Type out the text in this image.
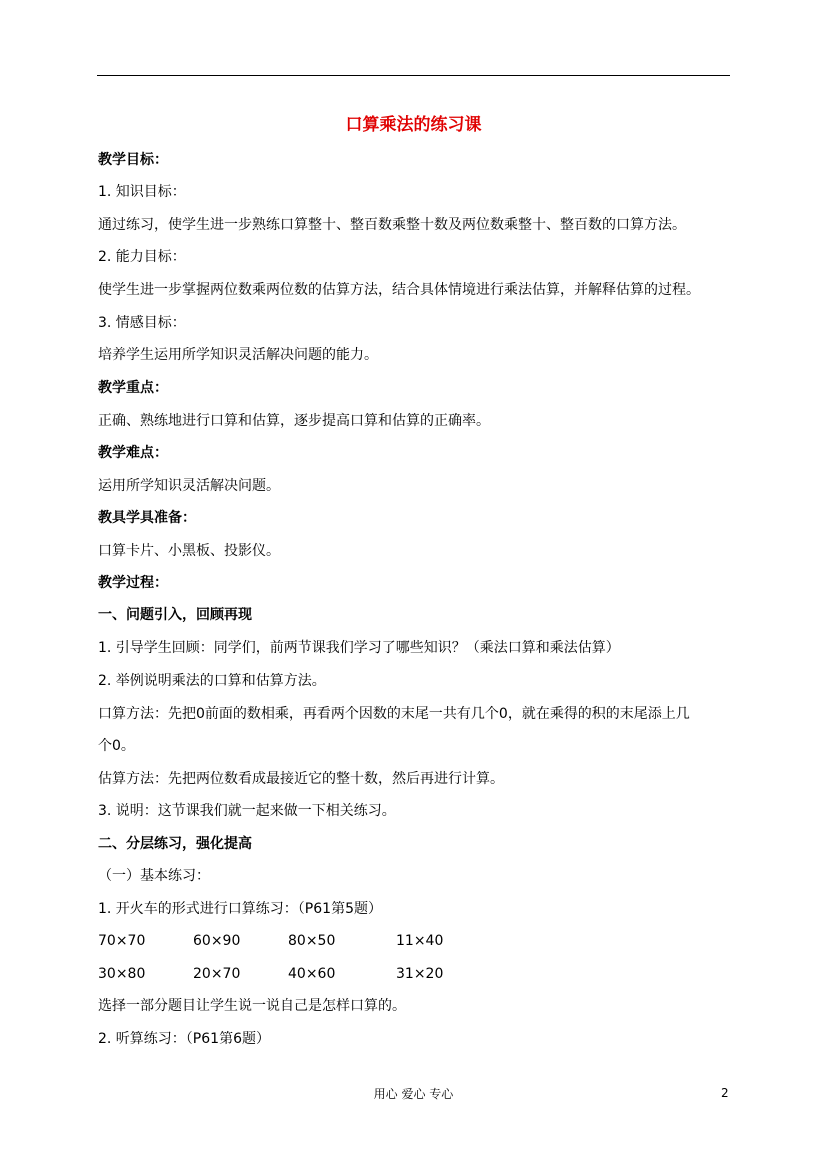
口算乘法的练习课
教学目标：
1. 知识目标：
通过练习，使学生进一步熟练口算整十、整百数乘整十数及两位数乘整十、整百数的口算方法。
2. 能力目标：
使学生进一步掌握两位数乘两位数的估算方法，结合具体情境进行乘法估算，并解释估算的过程。
3. 情感目标：
培养学生运用所学知识灵活解决问题的能力。
教学重点：
正确、熟练地进行口算和估算，逐步提高口算和估算的正确率。
教学难点：
运用所学知识灵活解决问题。
教具学具准备：
口算卡片、小黑板、投影仪。
教学过程：
一、问题引入，回顾再现
1. 引导学生回顾：同学们，前两节课我们学习了哪些知识？（乘法口算和乘法估算）
2. 举例说明乘法的口算和估算方法。
口算方法：先把0前面的数相乘，再看两个因数的末尾一共有几个0，就在乘得的积的末尾添上几
个0。
估算方法：先把两位数看成最接近它的整十数，然后再进行计算。
3. 说明：这节课我们就一起来做一下相关练习。
二、分层练习，强化提高
（一）基本练习：
1. 开火车的形式进行口算练习：（P61第5题）
70×70	60×90	80×50	11×40
30×80	20×70	40×60	31×20
选择一部分题目让学生说一说自己是怎样口算的。
2. 听算练习：（P61第6题）
用心 爱心 专心	2
